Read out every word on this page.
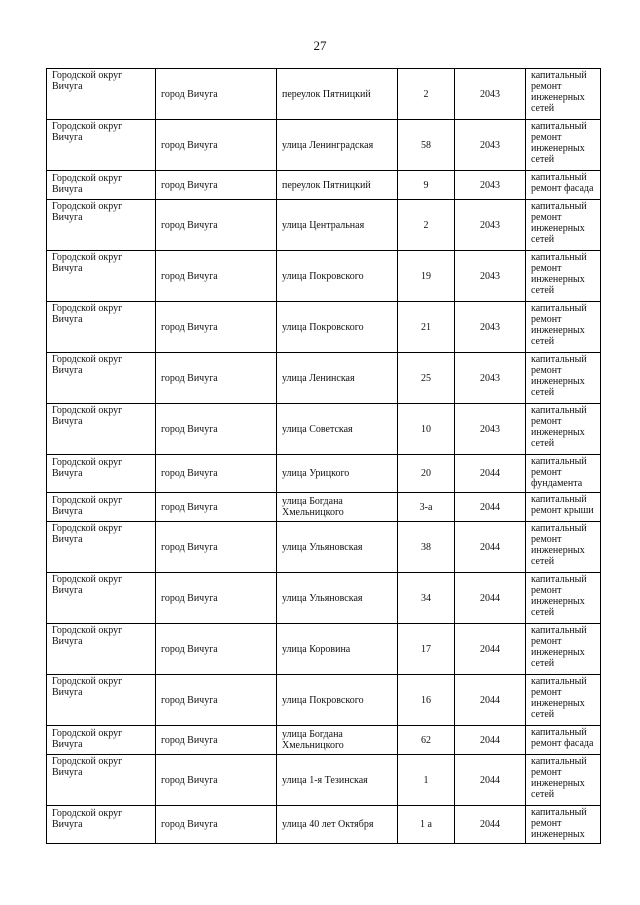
27
Городской округ Вичуга	город Вичуга	переулок Пятницкий	2	2043	капитальный ремонт инженерных сетей
Городской округ Вичуга	город Вичуга	улица Ленинградская	58	2043	капитальный ремонт инженерных сетей
Городской округ Вичуга	город Вичуга	переулок Пятницкий	9	2043	капитальный ремонт фасада
Городской округ Вичуга	город Вичуга	улица Центральная	2	2043	капитальный ремонт инженерных сетей
Городской округ Вичуга	город Вичуга	улица Покровского	19	2043	капитальный ремонт инженерных сетей
Городской округ Вичуга	город Вичуга	улица Покровского	21	2043	капитальный ремонт инженерных сетей
Городской округ Вичуга	город Вичуга	улица Ленинская	25	2043	капитальный ремонт инженерных сетей
Городской округ Вичуга	город Вичуга	улица Советская	10	2043	капитальный ремонт инженерных сетей
Городской округ Вичуга	город Вичуга	улица Урицкого	20	2044	капитальный ремонт фундамента
Городской округ Вичуга	город Вичуга	улица Богдана Хмельницкого	3-а	2044	капитальный ремонт крыши
Городской округ Вичуга	город Вичуга	улица Ульяновская	38	2044	капитальный ремонт инженерных сетей
Городской округ Вичуга	город Вичуга	улица Ульяновская	34	2044	капитальный ремонт инженерных сетей
Городской округ Вичуга	город Вичуга	улица Коровина	17	2044	капитальный ремонт инженерных сетей
Городской округ Вичуга	город Вичуга	улица Покровского	16	2044	капитальный ремонт инженерных сетей
Городской округ Вичуга	город Вичуга	улица Богдана Хмельницкого	62	2044	капитальный ремонт фасада
Городской округ Вичуга	город Вичуга	улица 1-я Тезинская	1	2044	капитальный ремонт инженерных сетей
Городской округ Вичуга	город Вичуга	улица 40 лет Октября	1 а	2044	капитальный ремонт инженерных
